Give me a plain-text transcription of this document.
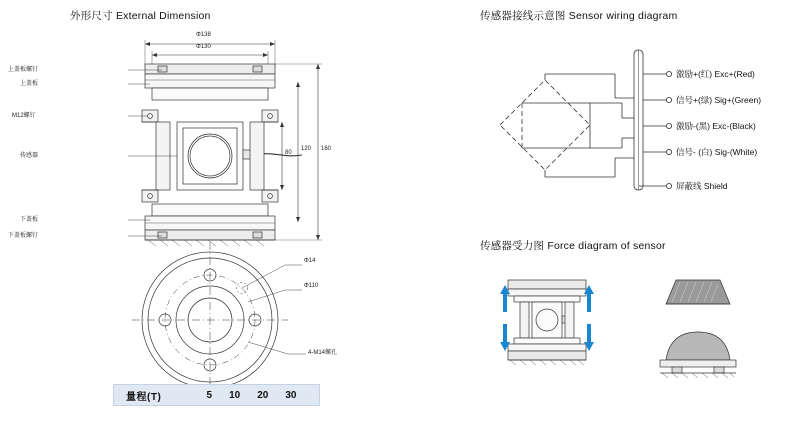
外形尺寸 External Dimension
上盖板螺钉
上盖板
M12螺钉
传感器
下盖板
下盖板螺钉
Φ138
Φ130
160
120
80
Φ14
Φ110
4-M14螺孔
量程(T)	5 10 20 30
传感器接线示意图 Sensor wiring diagram
激励+(红) Exc+(Red)
信号+(绿) Sig+(Green)
激励-(黑) Exc-(Black)
信号- (白) Sig-(White)
屏蔽线 Shield
传感器受力图 Force diagram of sensor
